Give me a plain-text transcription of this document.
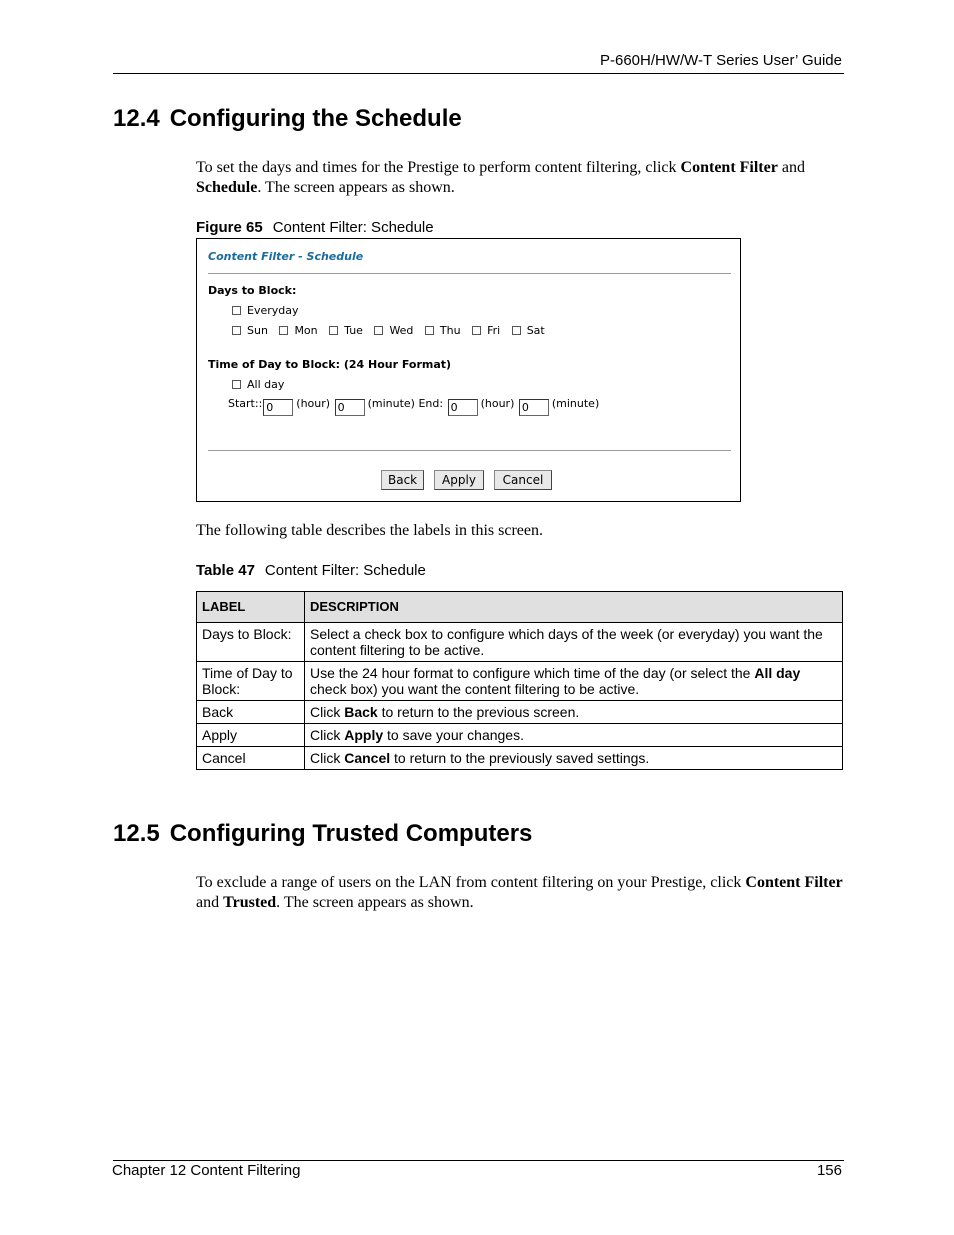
P-660H/HW/W-T Series User’ Guide
12.4 Configuring the Schedule

To set the days and times for the Prestige to perform content filtering, click Content Filter and Schedule. The screen appears as shown.

Figure 65 Content Filter: Schedule
Content Filter - Schedule
Days to Block:
Everyday
Sun Mon Tue Wed Thu Fri Sat
Time of Day to Block: (24 Hour Format)
All day
Start:: 0 (hour) 0 (minute) End: 0 (hour) 0 (minute)
Back Apply Cancel

The following table describes the labels in this screen.

Table 47 Content Filter: Schedule
LABEL	DESCRIPTION
Days to Block:	Select a check box to configure which days of the week (or everyday) you want the content filtering to be active.
Time of Day to Block:	Use the 24 hour format to configure which time of the day (or select the All day check box) you want the content filtering to be active.
Back	Click Back to return to the previous screen.
Apply	Click Apply to save your changes.
Cancel	Click Cancel to return to the previously saved settings.
12.5 Configuring Trusted Computers

To exclude a range of users on the LAN from content filtering on your Prestige, click Content Filter and Trusted. The screen appears as shown.

Chapter 12 Content Filtering	156
